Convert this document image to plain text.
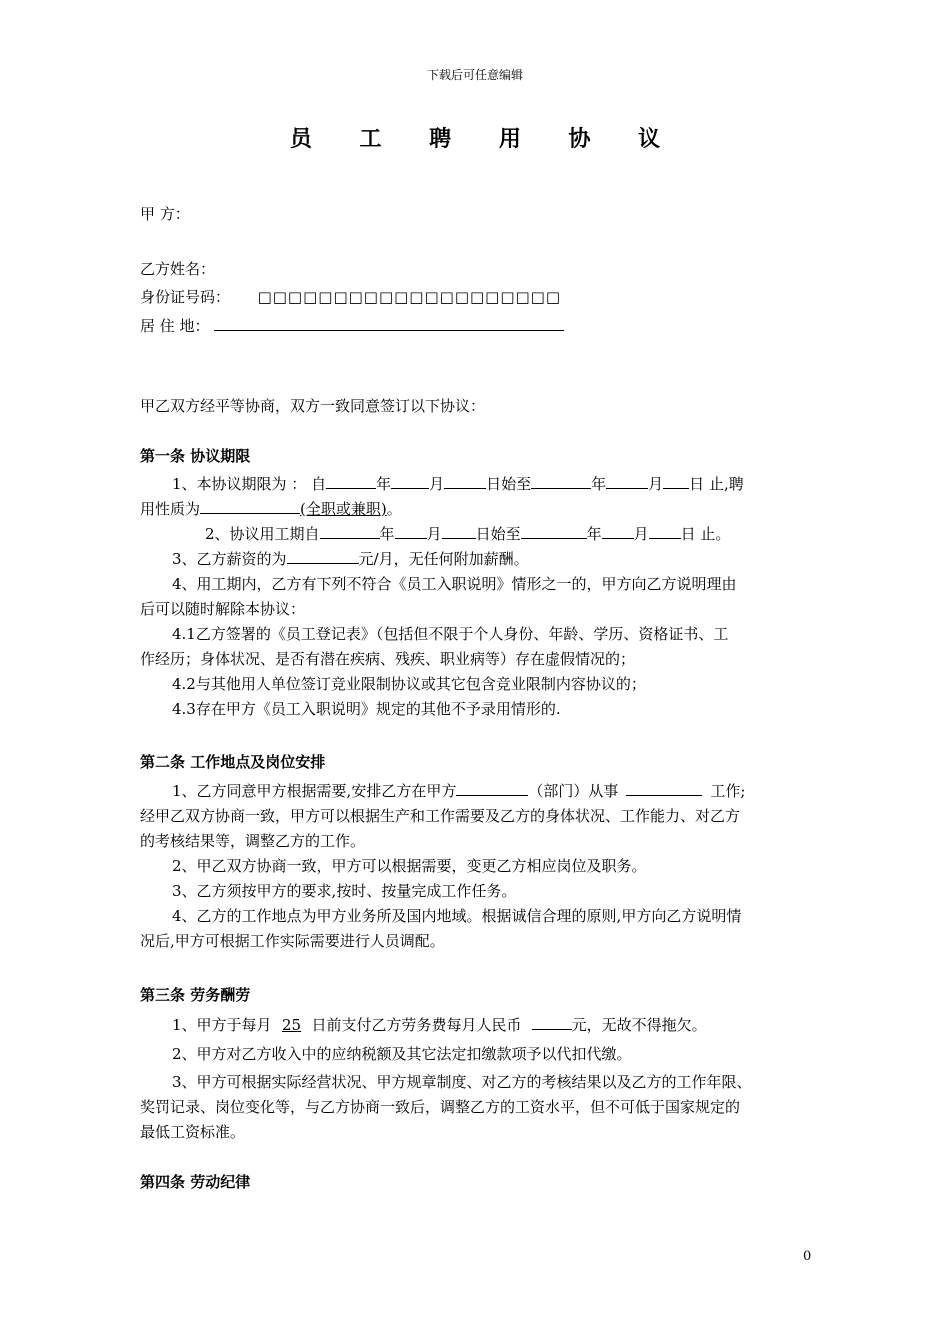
下载后可任意编辑
员 工 聘 用 协 议
甲 方：
乙方姓名：
身份证号码： □□□□□□□□□□□□□□□□□□□□
居 住 地：
甲乙双方经平等协商，双方一致同意签订以下协议：
第一条 协议期限
1、本协议期限为 ： 自	年	月	日始至	年	月 日 止,聘
用性质为	(全职或兼职)。
2、协议用工期自	年 月 日始至	年 月 日 止。
3、乙方薪资的为	元/月，无任何附加薪酬。
4、用工期内，乙方有下列不符合《员工入职说明》情形之一的，甲方向乙方说明理由
后可以随时解除本协议：
4.1乙方签署的《员工登记表》（包括但不限于个人身份、年龄、学历、资格证书、工
作经历；身体状况、是否有潜在疾病、残疾、职业病等）存在虚假情况的；
4.2与其他用人单位签订竞业限制协议或其它包含竞业限制内容协议的；
4.3存在甲方《员工入职说明》规定的其他不予录用情形的.
第二条 工作地点及岗位安排
1、乙方同意甲方根据需要,安排乙方在甲方	（部门）从事	工作;
经甲乙双方协商一致，甲方可以根据生产和工作需要及乙方的身体状况、工作能力、对乙方
的考核结果等，调整乙方的工作。
2、甲乙双方协商一致，甲方可以根据需要，变更乙方相应岗位及职务。
3、乙方须按甲方的要求,按时、按量完成工作任务。
4、乙方的工作地点为甲方业务所及国内地域。根据诚信合理的原则,甲方向乙方说明情
况后,甲方可根据工作实际需要进行人员调配。
第三条 劳务酬劳
1、甲方于每月25日前支付乙方劳务费每月人民币	元，无故不得拖欠。
2、甲方对乙方收入中的应纳税额及其它法定扣缴款项予以代扣代缴。
3、甲方可根据实际经营状况、甲方规章制度、对乙方的考核结果以及乙方的工作年限、
奖罚记录、岗位变化等，与乙方协商一致后，调整乙方的工资水平，但不可低于国家规定的
最低工资标准。
第四条 劳动纪律
0
